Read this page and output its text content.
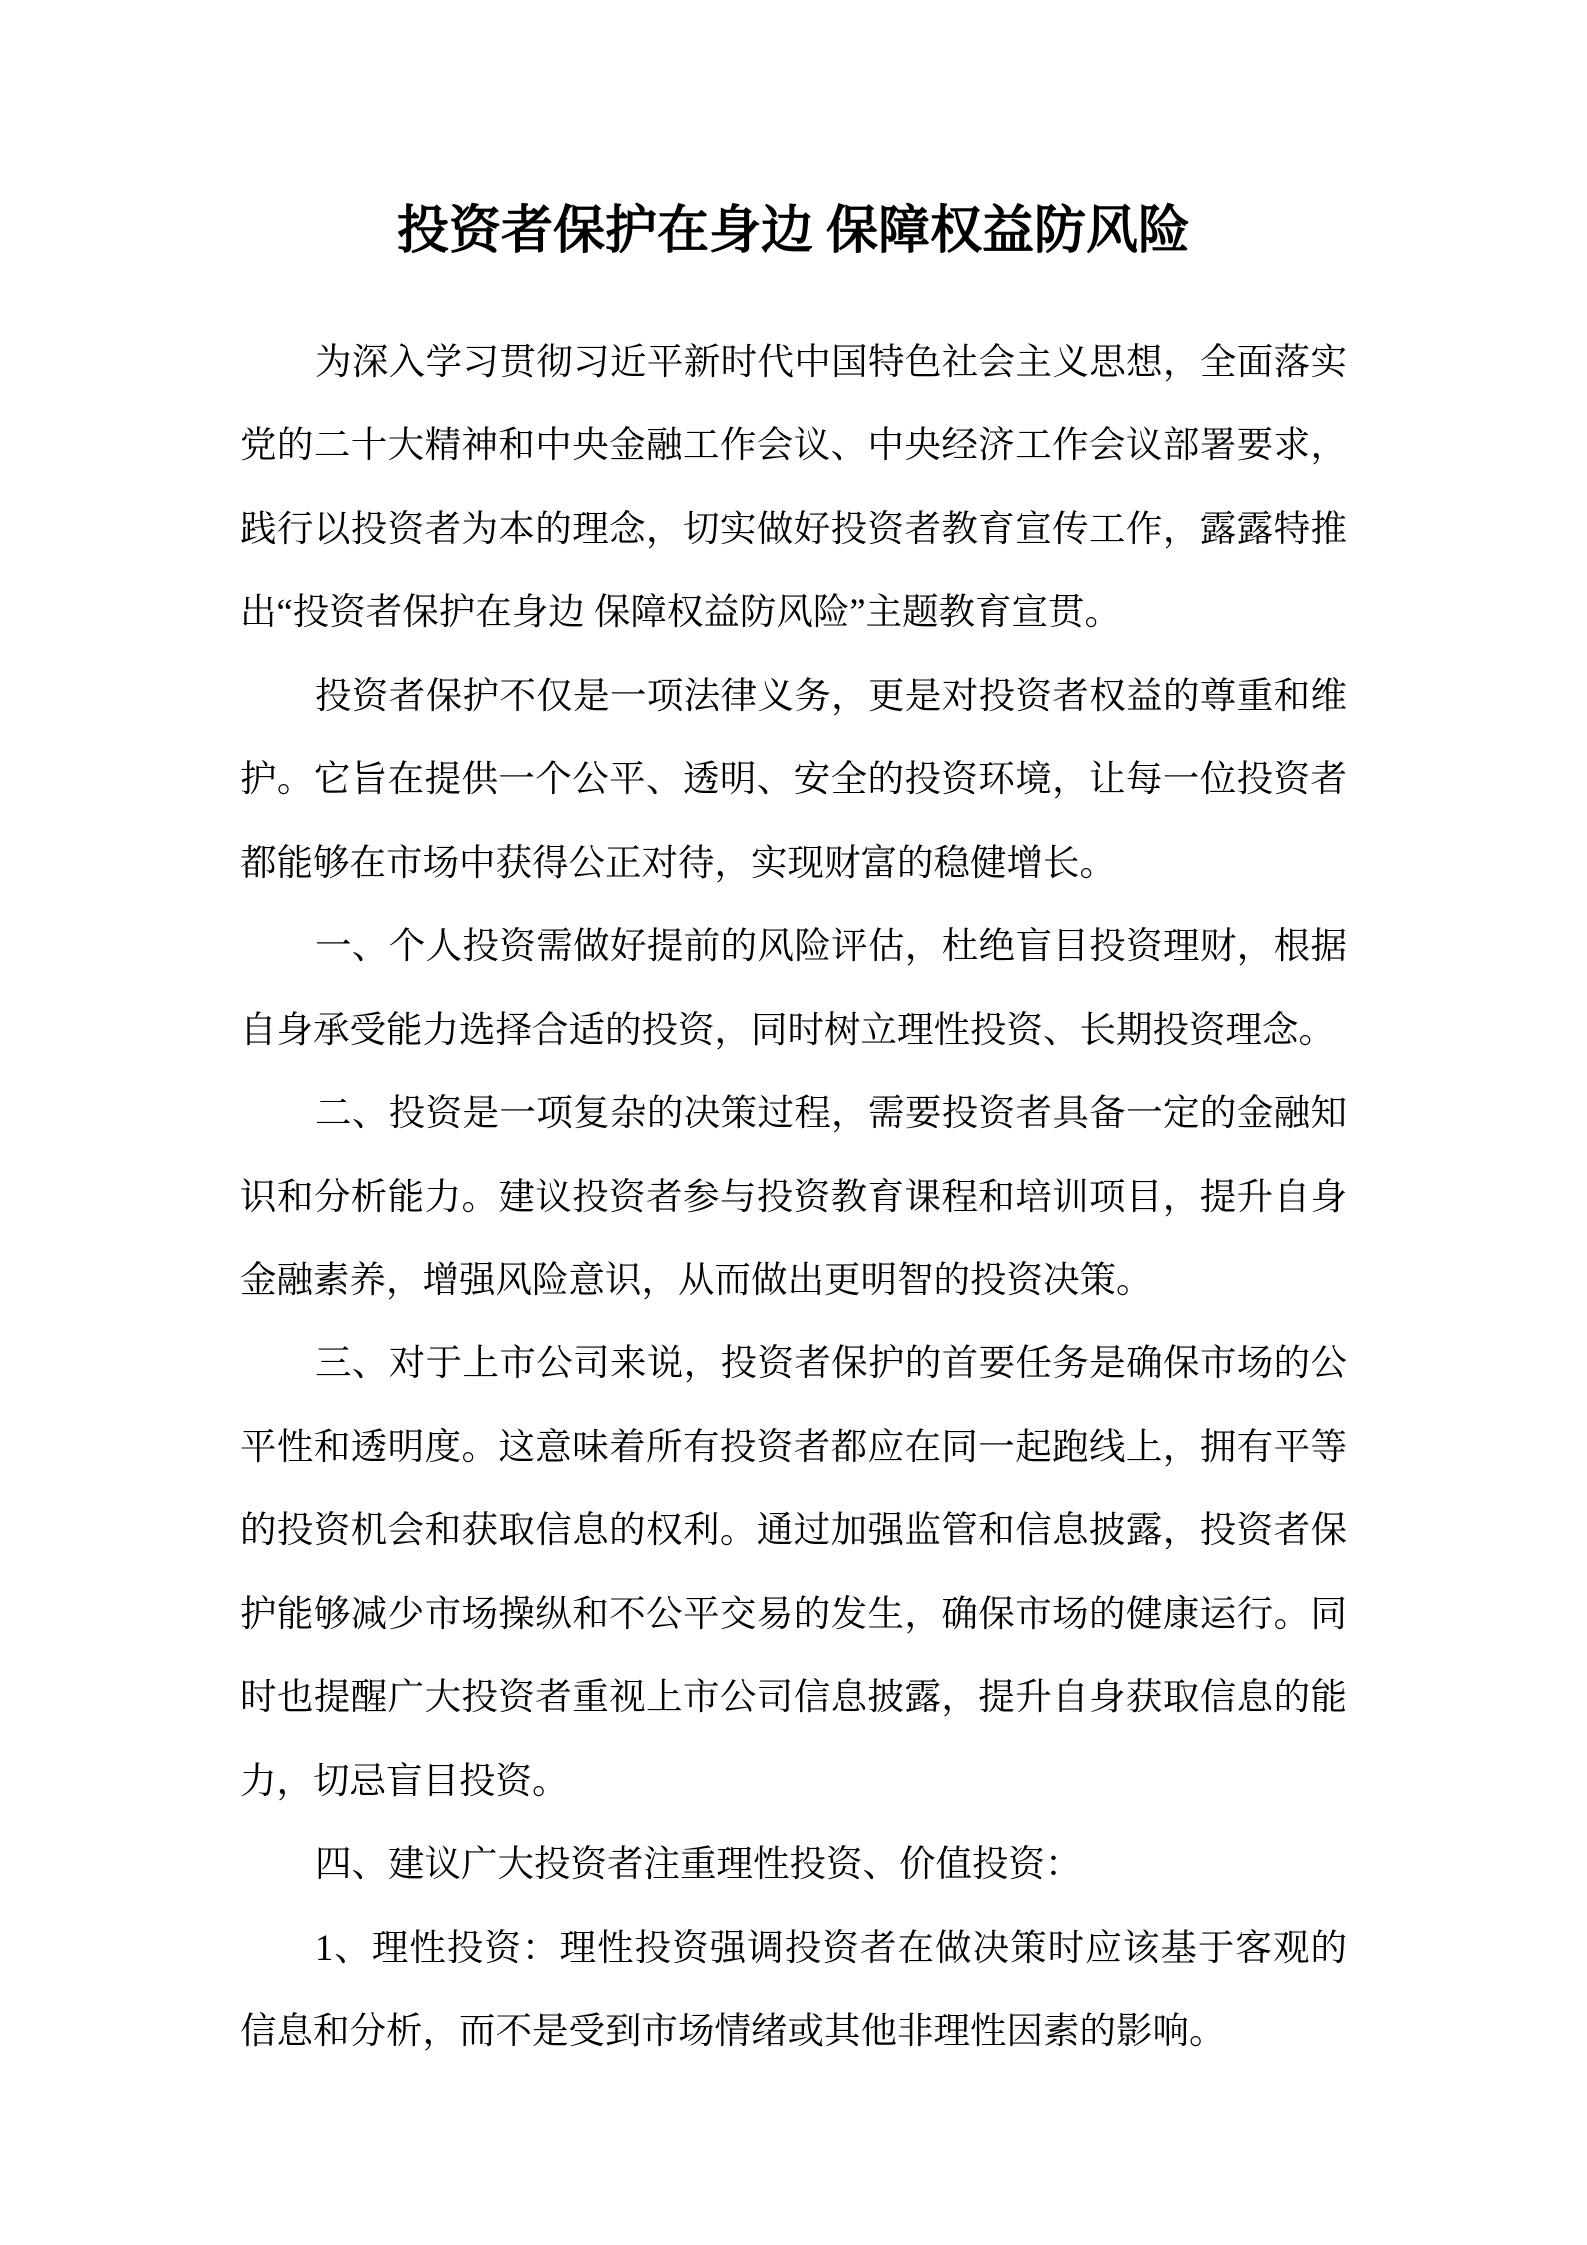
投资者保护在身边 保障权益防风险
为深入学习贯彻习近平新时代中国特色社会主义思想，全面落实
党的二十大精神和中央金融工作会议、中央经济工作会议部署要求，
践行以投资者为本的理念，切实做好投资者教育宣传工作，露露特推
出“投资者保护在身边 保障权益防风险”主题教育宣贯。
投资者保护不仅是一项法律义务，更是对投资者权益的尊重和维
护。它旨在提供一个公平、透明、安全的投资环境，让每一位投资者
都能够在市场中获得公正对待，实现财富的稳健增长。
一、个人投资需做好提前的风险评估，杜绝盲目投资理财，根据
自身承受能力选择合适的投资，同时树立理性投资、长期投资理念。
二、投资是一项复杂的决策过程，需要投资者具备一定的金融知
识和分析能力。建议投资者参与投资教育课程和培训项目，提升自身
金融素养，增强风险意识，从而做出更明智的投资决策。
三、对于上市公司来说，投资者保护的首要任务是确保市场的公
平性和透明度。这意味着所有投资者都应在同一起跑线上，拥有平等
的投资机会和获取信息的权利。通过加强监管和信息披露，投资者保
护能够减少市场操纵和不公平交易的发生，确保市场的健康运行。同
时也提醒广大投资者重视上市公司信息披露，提升自身获取信息的能
力，切忌盲目投资。
四、建议广大投资者注重理性投资、价值投资：
1、理性投资：理性投资强调投资者在做决策时应该基于客观的
信息和分析，而不是受到市场情绪或其他非理性因素的影响。
